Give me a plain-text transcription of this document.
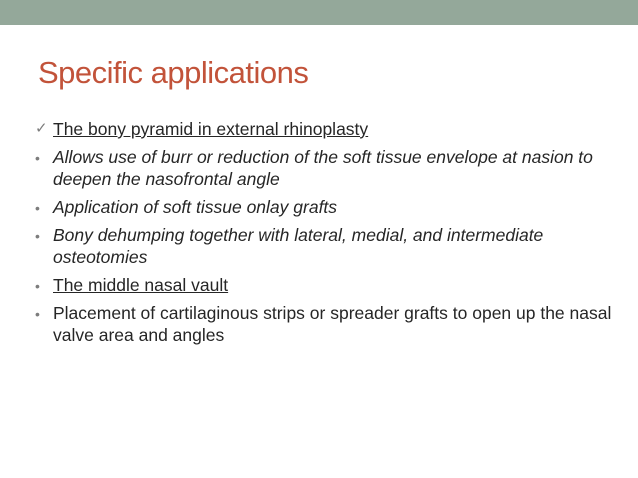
Specific applications
✓ The bony pyramid in external rhinoplasty
• Allows use of burr or reduction of the soft tissue envelope at nasion to deepen the nasofrontal angle
• Application of soft tissue onlay grafts
• Bony dehumping together with lateral, medial, and intermediate osteotomies
• The middle nasal vault
• Placement of cartilaginous strips or spreader grafts to open up the nasal valve area and angles
